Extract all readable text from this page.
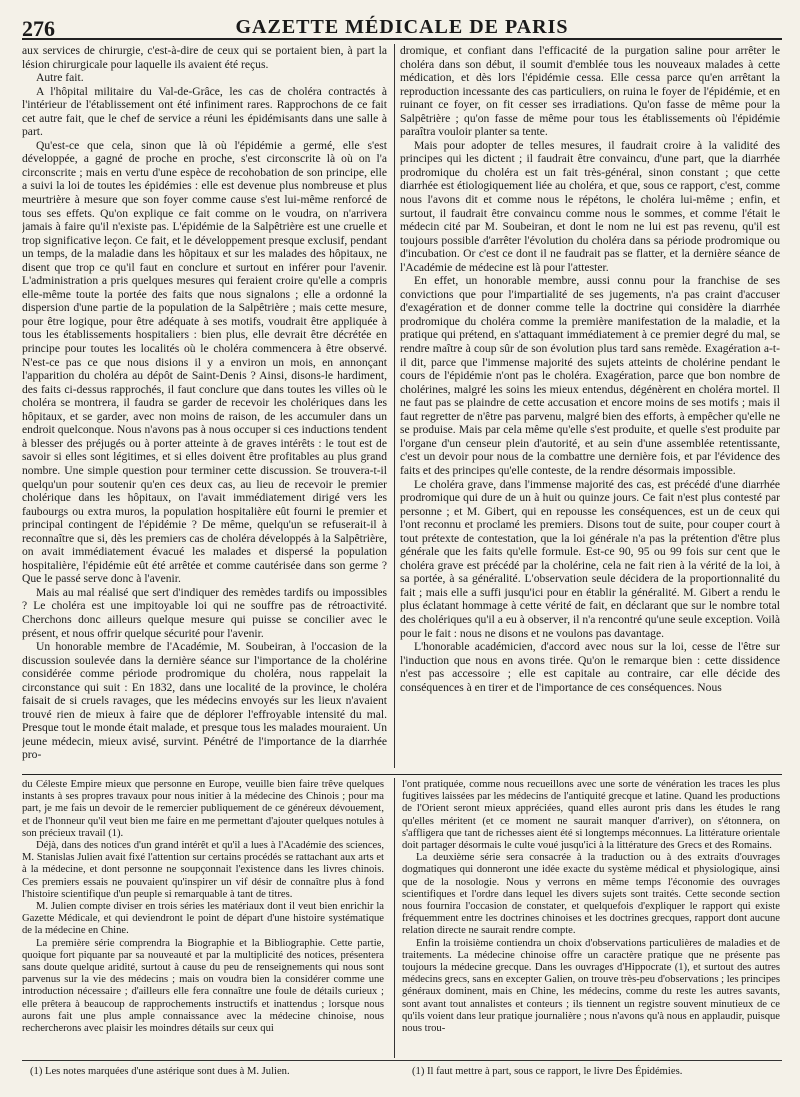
276	GAZETTE MÉDICALE DE PARIS

aux services de chirurgie, c'est-à-dire de ceux qui se portaient bien, à part la lésion chirurgicale pour laquelle ils avaient été reçus.

Autre fait.

A l'hôpital militaire du Val-de-Grâce, les cas de choléra contractés à l'intérieur de l'établissement ont été infiniment rares. Rapprochons de ce fait cet autre fait, que le chef de service a réuni les épidémisants dans une salle à part.

Qu'est-ce que cela, sinon que là où l'épidémie a germé, elle s'est développée, a gagné de proche en proche, s'est circonscrite là où on l'a circonscrite ; mais en vertu d'une espèce de recohobation de son principe, elle a suivi la loi de toutes les épidémies : elle est devenue plus nombreuse et plus meurtrière à mesure que son foyer comme cause s'est lui-même renforcé de tous ses effets. Qu'on explique ce fait comme on le voudra, on n'arrivera jamais à faire qu'il n'existe pas. L'épidémie de la Salpêtrière est une cruelle et trop significative leçon. Ce fait, et le développement presque exclusif, pendant un temps, de la maladie dans les hôpitaux et sur les malades des hôpitaux, ne disent que trop ce qu'il faut en conclure et surtout en inférer pour l'avenir. L'administration a pris quelques mesures qui feraient croire qu'elle a compris elle-même toute la portée des faits que nous signalons ; elle a ordonné la dispersion d'une partie de la population de la Salpêtrière ; mais cette mesure, pour être logique, pour être adéquate à ses motifs, voudrait être appliquée à tous les établissements hospitaliers : bien plus, elle devrait être décrétée en principe pour toutes les localités où le choléra commencera à être observé. N'est-ce pas ce que nous disions il y a environ un mois, en annonçant l'apparition du choléra au dépôt de Saint-Denis ? Ainsi, disons-le hardiment, des faits ci-dessus rapprochés, il faut conclure que dans toutes les villes où le choléra se montrera, il faudra se garder de recevoir les cholériques dans les hôpitaux, et se garder, avec non moins de raison, de les accumuler dans un endroit quelconque. Nous n'avons pas à nous occuper si ces inductions tendent à blesser des préjugés ou à porter atteinte à de graves intérêts : le tout est de savoir si elles sont légitimes, et si elles doivent être profitables au plus grand nombre. Une simple question pour terminer cette discussion. Se trouvera-t-il quelqu'un pour soutenir qu'en ces deux cas, au lieu de recevoir le premier cholérique dans les hôpitaux, on l'avait immédiatement dirigé vers les faubourgs ou extra muros, la population hospitalière eût fourni le premier et principal contingent de l'épidémie ? De même, quelqu'un se refuserait-il à reconnaître que si, dès les premiers cas de choléra développés à la Salpêtrière, on avait immédiatement évacué les malades et dispersé la population hospitalière, l'épidémie eût été arrêtée et comme cautérisée dans son germe ? Que le passé serve donc à l'avenir.

Mais au mal réalisé que sert d'indiquer des remèdes tardifs ou impossibles ? Le choléra est une impitoyable loi qui ne souffre pas de rétroactivité. Cherchons donc ailleurs quelque mesure qui puisse se concilier avec le présent, et nous offrir quelque sécurité pour l'avenir.

Un honorable membre de l'Académie, M. Soubeiran, à l'occasion de la discussion soulevée dans la dernière séance sur l'importance de la cholérine considérée comme période prodromique du choléra, nous rappelait la circonstance qui suit : En 1832, dans une localité de la province, le choléra faisait de si cruels ravages, que les médecins envoyés sur les lieux n'avaient trouvé rien de mieux à faire que de déplorer l'effroyable intensité du mal. Presque tout le monde était malade, et presque tous les malades mouraient. Un jeune médecin, mieux avisé, survint. Pénétré de l'importance de la diarrhée pro-

dromique, et confiant dans l'efficacité de la purgation saline pour arrêter le choléra dans son début, il soumit d'emblée tous les nouveaux malades à cette médication, et dès lors l'épidémie cessa. Elle cessa parce qu'en arrêtant la reproduction incessante des cas particuliers, on ruina le foyer de l'épidémie, et en ruinant ce foyer, on fit cesser ses irradiations. Qu'on fasse de même pour la Salpêtrière ; qu'on fasse de même pour tous les établissements où l'épidémie paraîtra vouloir planter sa tente.

Mais pour adopter de telles mesures, il faudrait croire à la validité des principes qui les dictent ; il faudrait être convaincu, d'une part, que la diarrhée prodromique du choléra est un fait très-général, sinon constant ; que cette diarrhée est étiologiquement liée au choléra, et que, sous ce rapport, c'est, comme nous l'avons dit et comme nous le répétons, le choléra lui-même ; enfin, et surtout, il faudrait être convaincu comme nous le sommes, et comme l'était le médecin cité par M. Soubeiran, et dont le nom ne lui est pas revenu, qu'il est toujours possible d'arrêter l'évolution du choléra dans sa période prodromique ou d'incubation. Or c'est ce dont il ne faudrait pas se flatter, et la dernière séance de l'Académie de médecine est là pour l'attester.

En effet, un honorable membre, aussi connu pour la franchise de ses convictions que pour l'impartialité de ses jugements, n'a pas craint d'accuser d'exagération et de donner comme telle la doctrine qui considère la diarrhée prodromique du choléra comme la première manifestation de la maladie, et la pratique qui prétend, en s'attaquant immédiatement à ce premier degré du mal, se rendre maître à coup sûr de son évolution plus tard sans remède. Exagération a-t-il dit, parce que l'immense majorité des sujets atteints de cholérine pendant le cours de l'épidémie n'ont pas le choléra. Exagération, parce que bon nombre de cholérines, malgré les soins les mieux entendus, dégénèrent en choléra mortel. Il ne faut pas se plaindre de cette accusation et encore moins de ses motifs ; mais il faut regretter de n'être pas parvenu, malgré bien des efforts, à empêcher qu'elle ne se produise. Mais par cela même qu'elle s'est produite, et quelle s'est produite par l'organe d'un censeur plein d'autorité, et au sein d'une assemblée retentissante, c'est un devoir pour nous de la combattre une dernière fois, et par l'évidence des faits et des principes qu'elle conteste, de la rendre désormais impossible.

Le choléra grave, dans l'immense majorité des cas, est précédé d'une diarrhée prodromique qui dure de un à huit ou quinze jours. Ce fait n'est plus contesté par personne ; et M. Gibert, qui en repousse les conséquences, est un de ceux qui l'ont reconnu et proclamé les premiers. Disons tout de suite, pour couper court à tout prétexte de contestation, que la loi générale n'a pas la prétention d'être plus générale que les faits qu'elle formule. Est-ce 90, 95 ou 99 fois sur cent que le choléra grave est précédé par la cholérine, cela ne fait rien à la vérité de la loi, à sa portée, à sa généralité. L'observation seule décidera de la proportionnalité du fait ; mais elle a suffi jusqu'ici pour en établir la généralité. M. Gibert a rendu le plus éclatant hommage à cette vérité de fait, en déclarant que sur le nombre total des cholériques qu'il a eu à observer, il n'a rencontré qu'une seule exception. Voilà pour le fait : nous ne disons et ne voulons pas davantage.

L'honorable académicien, d'accord avec nous sur la loi, cesse de l'être sur l'induction que nous en avons tirée. Qu'on le remarque bien : cette dissidence n'est pas accessoire ; elle est capitale au contraire, car elle décide des conséquences à en tirer et de l'importance de ces conséquences. Nous

du Céleste Empire mieux que personne en Europe, veuille bien faire trêve quelques instants à ses propres travaux pour nous initier à la médecine des Chinois ; pour ma part, je me fais un devoir de le remercier publiquement de ce généreux dévouement, et de l'honneur qu'il veut bien me faire en me permettant d'ajouter quelques notules à son précieux travail (1).

Déjà, dans des notices d'un grand intérêt et qu'il a lues à l'Académie des sciences, M. Stanislas Julien avait fixé l'attention sur certains procédés se rattachant aux arts et à la médecine, et dont personne ne soupçonnait l'existence dans les livres chinois. Ces premiers essais ne pouvaient qu'inspirer un vif désir de connaître plus à fond l'histoire scientifique d'un peuple si remarquable à tant de titres.

M. Julien compte diviser en trois séries les matériaux dont il veut bien enrichir la Gazette Médicale, et qui deviendront le point de départ d'une histoire systématique de la médecine en Chine.

La première série comprendra la Biographie et la Bibliographie. Cette partie, quoique fort piquante par sa nouveauté et par la multiplicité des notices, présentera sans doute quelque aridité, surtout à cause du peu de renseignements qui nous sont parvenus sur la vie des médecins ; mais on voudra bien la considérer comme une introduction nécessaire ; d'ailleurs elle fera connaître une foule de détails curieux ; elle prêtera à beaucoup de rapprochements instructifs et inattendus ; lorsque nous aurons fait une plus ample connaissance avec la médecine chinoise, nous rechercherons avec plaisir les moindres détails sur ceux qui

l'ont pratiquée, comme nous recueillons avec une sorte de vénération les traces les plus fugitives laissées par les médecins de l'antiquité grecque et latine. Quand les productions de l'Orient seront mieux appréciées, quand elles auront pris dans les études le rang qu'elles méritent (et ce moment ne saurait manquer d'arriver), on s'étonnera, on s'affligera que tant de richesses aient été si longtemps méconnues. La littérature orientale doit partager désormais le culte voué jusqu'ici à la littérature des Grecs et des Romains.

La deuxième série sera consacrée à la traduction ou à des extraits d'ouvrages dogmatiques qui donneront une idée exacte du système médical et physiologique, ainsi que de la nosologie. Nous y verrons en même temps l'économie des ouvrages scientifiques et l'ordre dans lequel les divers sujets sont traités. Cette seconde section nous fournira l'occasion de constater, et quelquefois d'expliquer le rapport qui existe fréquemment entre les doctrines chinoises et les doctrines grecques, rapport dont aucune relation directe ne saurait rendre compte.

Enfin la troisième contiendra un choix d'observations particulières de maladies et de traitements. La médecine chinoise offre un caractère pratique que ne présente pas toujours la médecine grecque. Dans les ouvrages d'Hippocrate (1), et surtout des autres médecins grecs, sans en excepter Galien, on trouve très-peu d'observations ; les principes généraux dominent, mais en Chine, les médecins, comme du reste les autres savants, sont avant tout annalistes et conteurs ; ils tiennent un registre souvent minutieux de ce qu'ils voient dans leur pratique journalière ; nous n'avons qu'à nous en applaudir, puisque nous trou-

(1) Les notes marquées d'une astérique sont dues à M. Julien.	(1) Il faut mettre à part, sous ce rapport, le livre Des Épidémies.
